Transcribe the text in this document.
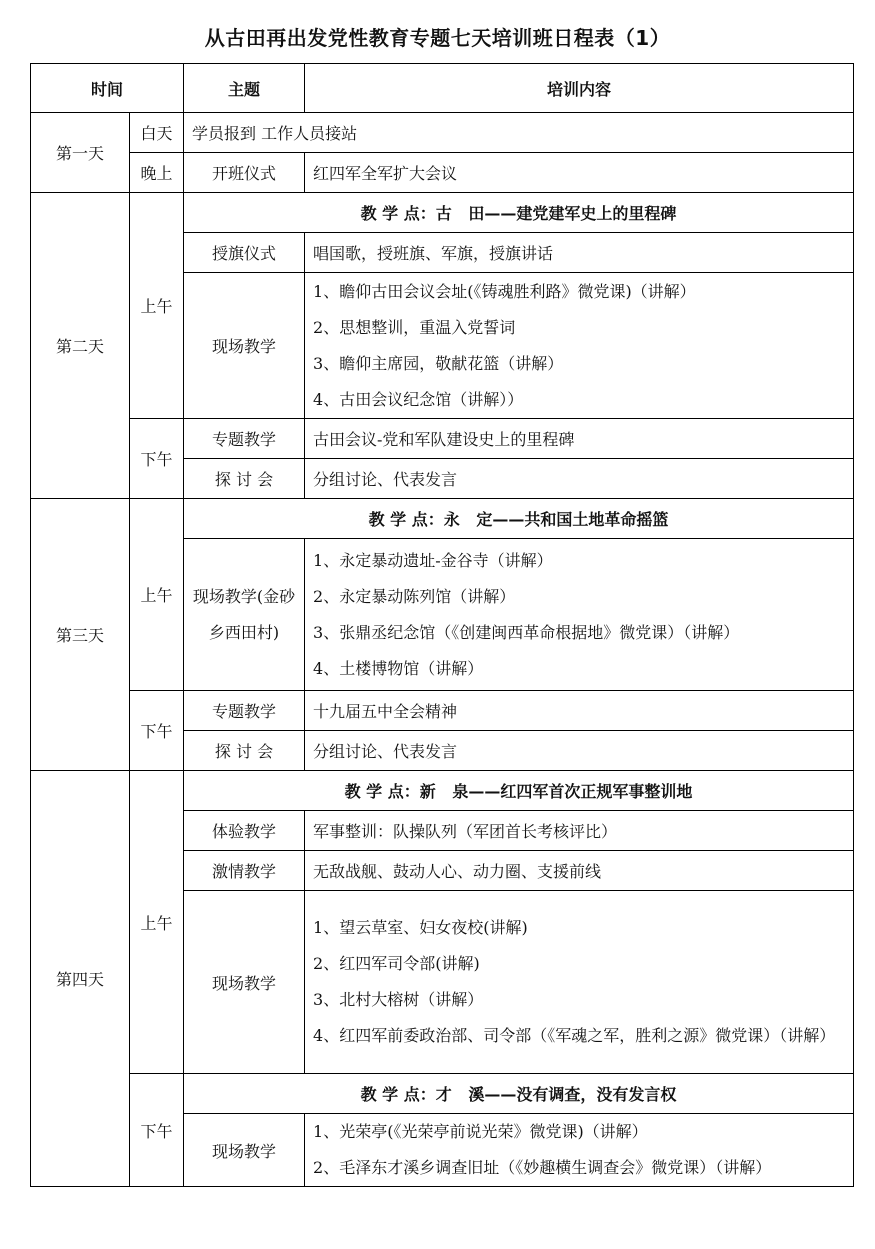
从古田再出发党性教育专题七天培训班日程表（1）
时间		主题	培训内容
第一天	白天	学员报到 工作人员接站	
	晚上	开班仪式	红四军全军扩大会议
第二天	上午	教 学 点：古   田——建党建军史上的里程碑	
		授旗仪式	唱国歌，授班旗、军旗，授旗讲话
		现场教学	1、瞻仰古田会议会址(《铸魂胜利路》微党课)（讲解）
2、思想整训，重温入党誓词
3、瞻仰主席园，敬献花篮（讲解）
4、古田会议纪念馆（讲解））

	下午	专题教学	古田会议-党和军队建设史上的里程碑
		探 讨 会	分组讨论、代表发言

第三天	上午	教 学 点：永   定——共和国土地革命摇篮	
		现场教学(金砂乡西田村)	1、永定暴动遗址-金谷寺（讲解）
2、永定暴动陈列馆（讲解）
3、张鼎丞纪念馆（《创建闽西革命根据地》微党课）（讲解）
4、土楼博物馆（讲解）

	下午	专题教学	十九届五中全会精神
		探 讨 会	分组讨论、代表发言
第四天	上午	教 学 点：新   泉——红四军首次正规军事整训地	
		体验教学	军事整训：队操队列（军团首长考核评比）
		激情教学	无敌战舰、鼓动人心、动力圈、支援前线
		现场教学	1、望云草室、妇女夜校(讲解)
2、红四军司令部(讲解)
3、北村大榕树（讲解）
4、红四军前委政治部、司令部（《军魂之军，胜利之源》微党课）（讲解）

	下午	教 学 点：才   溪——没有调查，没有发言权	
		现场教学	1、光荣亭(《光荣亭前说光荣》微党课)（讲解）
2、毛泽东才溪乡调查旧址（《妙趣横生调查会》微党课）（讲解）
